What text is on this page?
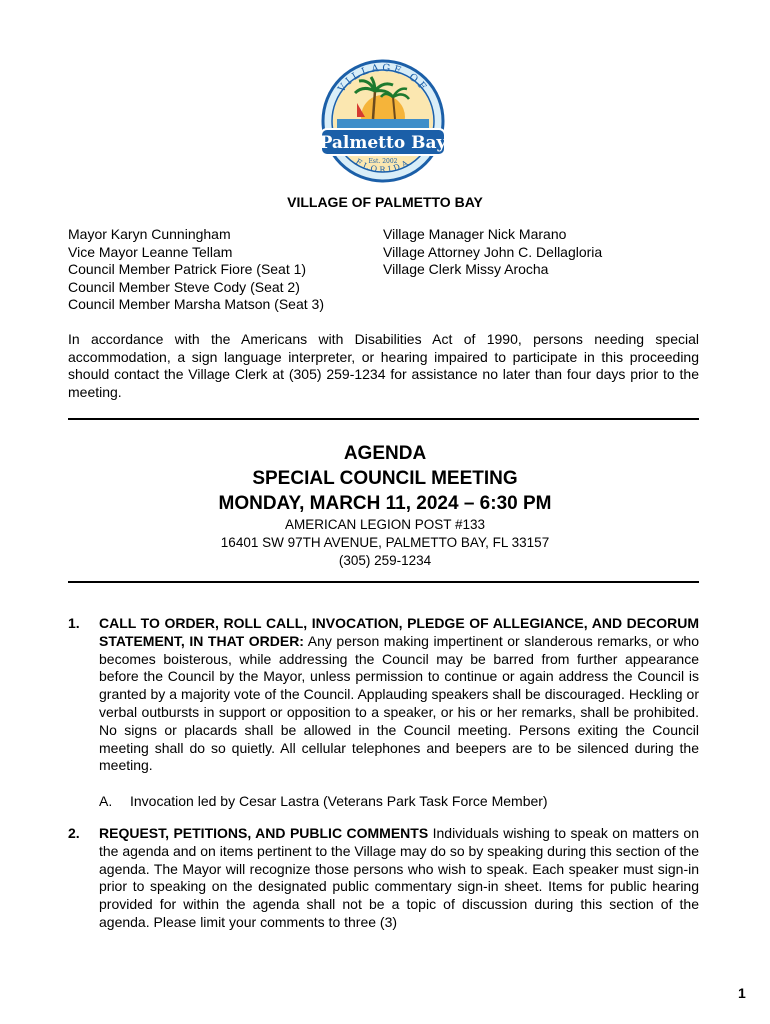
Palmetto Bay
Est. 2002
VILLAGE OF
FLORIDA
VILLAGE OF PALMETTO BAY
Mayor Karyn Cunningham
Vice Mayor Leanne Tellam
Council Member Patrick Fiore (Seat 1)
Council Member Steve Cody (Seat 2)
Council Member Marsha Matson (Seat 3)
Village Manager Nick Marano
Village Attorney John C. Dellagloria
Village Clerk Missy Arocha
In accordance with the Americans with Disabilities Act of 1990, persons needing special accommodation, a sign language interpreter, or hearing impaired to participate in this proceeding should contact the Village Clerk at (305) 259-1234 for assistance no later than four days prior to the meeting.
AGENDA
SPECIAL COUNCIL MEETING
MONDAY, MARCH 11, 2024 – 6:30 PM
AMERICAN LEGION POST #133
16401 SW 97TH AVENUE, PALMETTO BAY, FL 33157
(305) 259-1234
1. CALL TO ORDER, ROLL CALL, INVOCATION, PLEDGE OF ALLEGIANCE, AND DECORUM STATEMENT, IN THAT ORDER: Any person making impertinent or slanderous remarks, or who becomes boisterous, while addressing the Council may be barred from further appearance before the Council by the Mayor, unless permission to continue or again address the Council is granted by a majority vote of the Council. Applauding speakers shall be discouraged. Heckling or verbal outbursts in support or opposition to a speaker, or his or her remarks, shall be prohibited. No signs or placards shall be allowed in the Council meeting. Persons exiting the Council meeting shall do so quietly. All cellular telephones and beepers are to be silenced during the meeting.
A. Invocation led by Cesar Lastra (Veterans Park Task Force Member)
2. REQUEST, PETITIONS, AND PUBLIC COMMENTS Individuals wishing to speak on matters on the agenda and on items pertinent to the Village may do so by speaking during this section of the agenda. The Mayor will recognize those persons who wish to speak. Each speaker must sign-in prior to speaking on the designated public commentary sign-in sheet. Items for public hearing provided for within the agenda shall not be a topic of discussion during this section of the agenda. Please limit your comments to three (3)
1
